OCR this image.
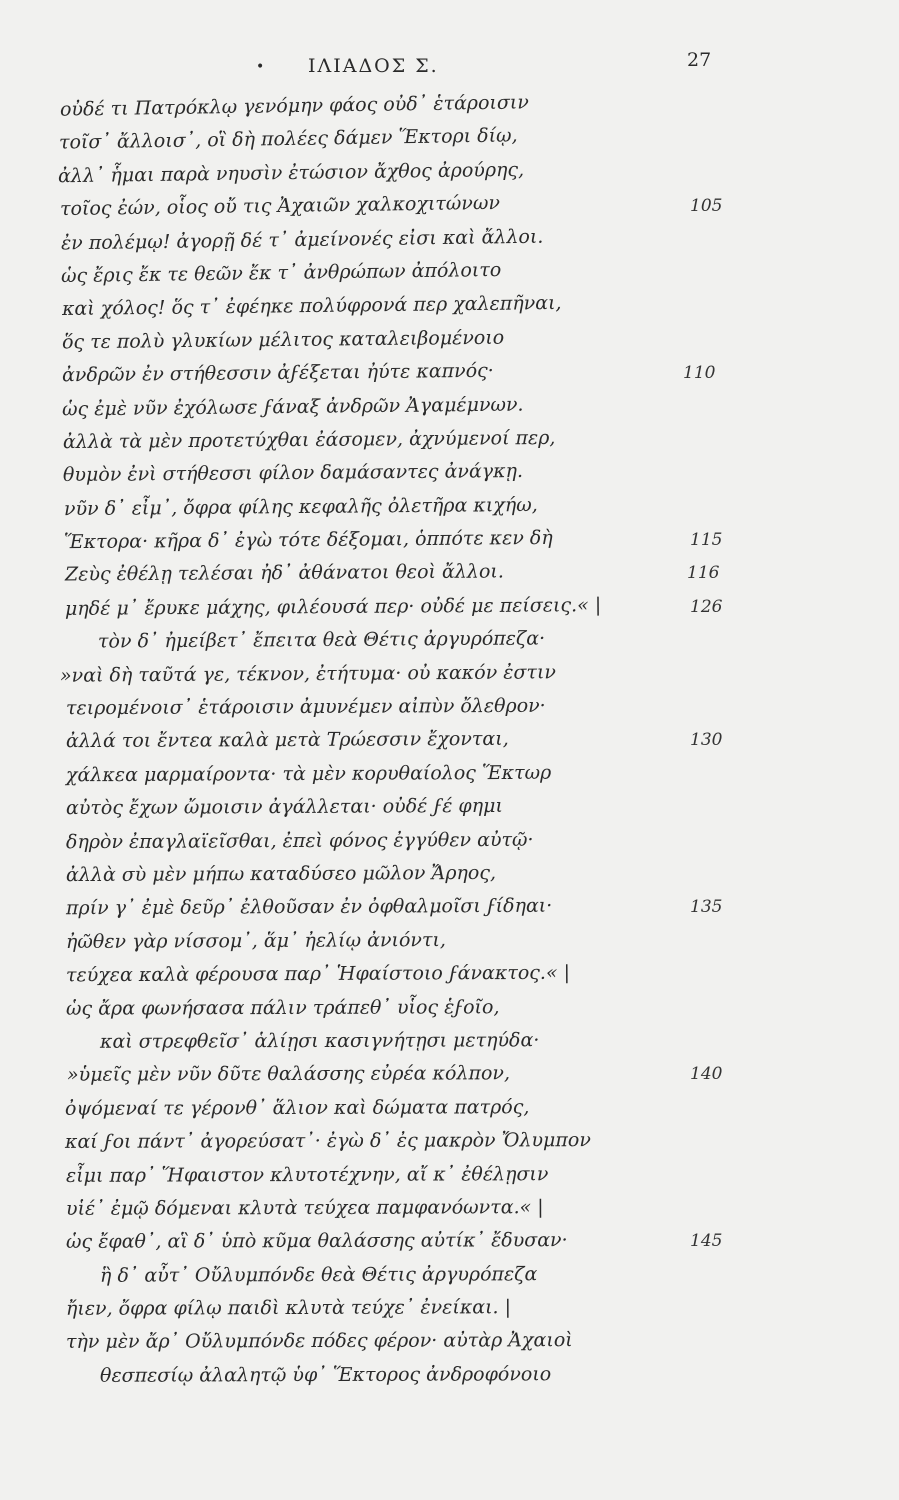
• ΙΛΙΑΔΟΣ Σ.	27
οὐδέ τι Πατρόκλῳ γενόμην φάος οὐδ᾽ ἑτάροισιν
τοῖσ᾽ ἄλλοισ᾽, οἳ δὴ πολέες δάμεν Ἕκτορι δίῳ,
ἀλλ᾽ ἧμαι παρὰ νηυσὶν ἐτώσιον ἄχθος ἀρούρης,
τοῖος ἐών, οἷος οὔ τις Ἀχαιῶν χαλκοχιτώνων	105
ἐν πολέμῳ! ἀγορῇ δέ τ᾽ ἀμείνονές εἰσι καὶ ἄλλοι.
ὡς ἔρις ἔκ τε θεῶν ἔκ τ᾽ ἀνθρώπων ἀπόλοιτο
καὶ χόλος! ὅς τ᾽ ἐφέηκε πολύφρονά περ χαλεπῆναι,
ὅς τε πολὺ γλυκίων μέλιτος καταλειβομένοιο
ἀνδρῶν ἐν στήθεσσιν ἀϝέξεται ἠύτε καπνός·	110
ὡς ἐμὲ νῦν ἐχόλωσε ϝάναξ ἀνδρῶν Ἀγαμέμνων.
ἀλλὰ τὰ μὲν προτετύχθαι ἐάσομεν, ἀχνύμενοί περ,
θυμὸν ἐνὶ στήθεσσι φίλον δαμάσαντες ἀνάγκῃ.
νῦν δ᾽ εἶμ᾽, ὄφρα φίλης κεφαλῆς ὀλετῆρα κιχήω,
Ἕκτορα· κῆρα δ᾽ ἐγὼ τότε δέξομαι, ὁππότε κεν δὴ	115
Ζεὺς ἐθέλῃ τελέσαι ἠδ᾽ ἀθάνατοι θεοὶ ἄλλοι.	116
μηδέ μ᾽ ἔρυκε μάχης, φιλέουσά περ· οὐδέ με πείσεις.« |	126
τὸν δ᾽ ἠμείβετ᾽ ἔπειτα θεὰ Θέτις ἀργυρόπεζα·
»ναὶ δὴ ταῦτά γε, τέκνον, ἐτήτυμα· οὐ κακόν ἐστιν
τειρομένοισ᾽ ἑτάροισιν ἀμυνέμεν αἰπὺν ὄλεθρον·
ἀλλά τοι ἔντεα καλὰ μετὰ Τρώεσσιν ἔχονται,	130
χάλκεα μαρμαίροντα· τὰ μὲν κορυθαίολος Ἕκτωρ
αὐτὸς ἔχων ὤμοισιν ἀγάλλεται· οὐδέ ϝέ φημι
δηρὸν ἐπαγλαϊεῖσθαι, ἐπεὶ φόνος ἐγγύθεν αὐτῷ·
ἀλλὰ σὺ μὲν μήπω καταδύσεο μῶλον Ἄρηος,
πρίν γ᾽ ἐμὲ δεῦρ᾽ ἐλθοῦσαν ἐν ὀφθαλμοῖσι ϝίδηαι·	135
ἠῶθεν γὰρ νίσσομ᾽, ἅμ᾽ ἠελίῳ ἀνιόντι,
τεύχεα καλὰ φέρουσα παρ᾽ Ἡφαίστοιο ϝάνακτος.« |
ὡς ἄρα φωνήσασα πάλιν τράπεθ᾽ υἷος ἑϝοῖο,
καὶ στρεφθεῖσ᾽ ἁλίῃσι κασιγνήτῃσι μετηύδα·
»ὑμεῖς μὲν νῦν δῦτε θαλάσσης εὐρέα κόλπον,	140
ὀψόμεναί τε γέρονθ᾽ ἅλιον καὶ δώματα πατρός,
καί ϝοι πάντ᾽ ἀγορεύσατ᾽· ἐγὼ δ᾽ ἐς μακρὸν Ὄλυμπον
εἶμι παρ᾽ Ἥφαιστον κλυτοτέχνην, αἴ κ᾽ ἐθέλῃσιν
υἱέ᾽ ἐμῷ δόμεναι κλυτὰ τεύχεα παμφανόωντα.« |
ὡς ἔφαθ᾽, αἳ δ᾽ ὑπὸ κῦμα θαλάσσης αὐτίκ᾽ ἔδυσαν·	145
ἣ δ᾽ αὖτ᾽ Οὔλυμπόνδε θεὰ Θέτις ἀργυρόπεζα
ἤιεν, ὄφρα φίλῳ παιδὶ κλυτὰ τεύχε᾽ ἐνείκαι. |
τὴν μὲν ἄρ᾽ Οὔλυμπόνδε πόδες φέρον· αὐτὰρ Ἀχαιοὶ
θεσπεσίῳ ἀλαλητῷ ὑφ᾽ Ἕκτορος ἀνδροφόνοιο
